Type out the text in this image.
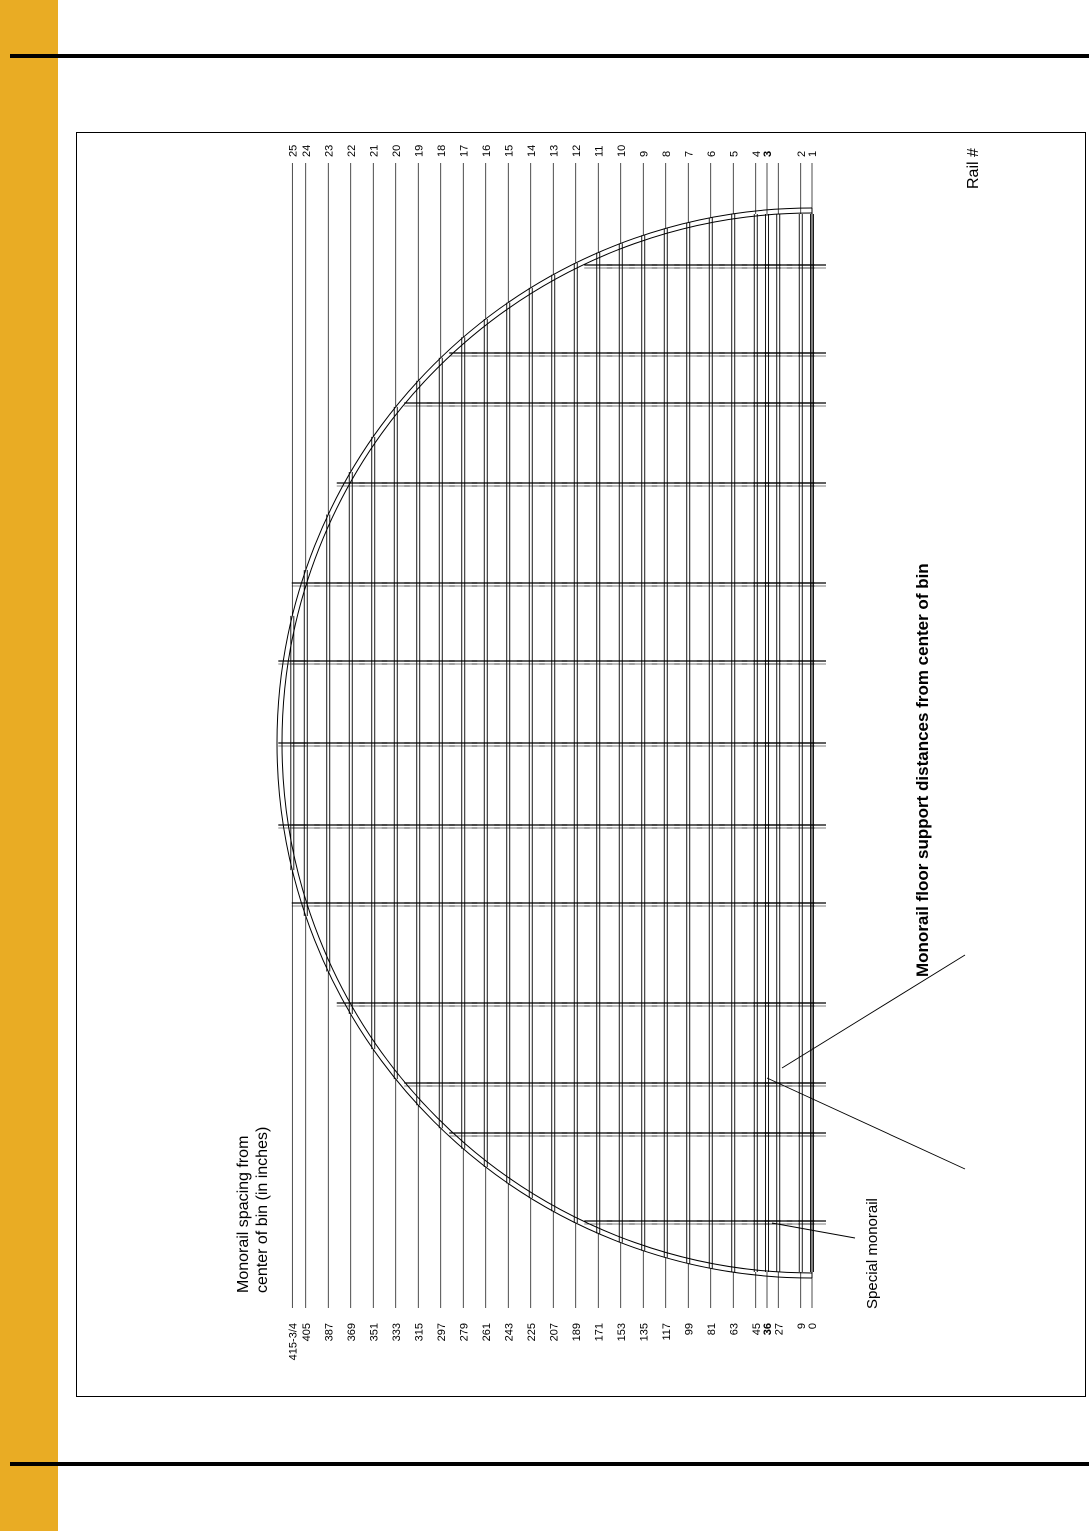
Monorail spacing from center of bin (in inches)
Rail #
Monorail floor support distances from center of bin
Special monorail
0
1
9
2
27
36
3
45
4
63
5
81
6
99
7
117
8
135
9
153
10
171
11
189
12
207
13
225
14
243
15
261
16
279
17
297
18
315
19
333
20
351
21
369
22
387
23
405
24
415-3/4
25
